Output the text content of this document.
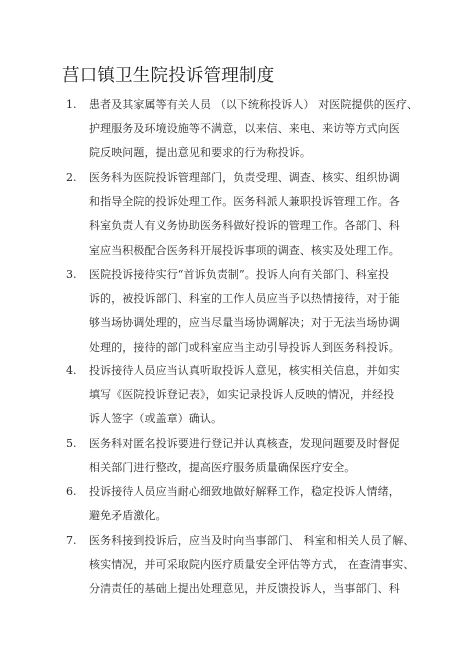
莒口镇卫生院投诉管理制度
1. 患者及其家属等有关人员 （以下统称投诉人） 对医院提供的医疗、
护理服务及环境设施等不满意，以来信、来电、来访等方式向医
院反映问题，提出意见和要求的行为称投诉。
2. 医务科为医院投诉管理部门，负责受理、调查、核实、组织协调
和指导全院的投诉处理工作。医务科派人兼职投诉管理工作。各
科室负责人有义务协助医务科做好投诉的管理工作。各部门、科
室应当积极配合医务科开展投诉事项的调查、核实及处理工作。
3. 医院投诉接待实行“首诉负责制”。投诉人向有关部门、科室投
诉的，被投诉部门、科室的工作人员应当予以热情接待，对于能
够当场协调处理的，应当尽量当场协调解决；对于无法当场协调
处理的，接待的部门或科室应当主动引导投诉人到医务科投诉。
4. 投诉接待人员应当认真听取投诉人意见，核实相关信息，并如实
填写《医院投诉登记表》，如实记录投诉人反映的情况，并经投
诉人签字（或盖章）确认。
5. 医务科对匿名投诉要进行登记并认真核查，发现问题要及时督促
相关部门进行整改，提高医疗服务质量确保医疗安全。
6. 投诉接待人员应当耐心细致地做好解释工作，稳定投诉人情绪，
避免矛盾激化。
7. 医务科接到投诉后，应当及时向当事部门、 科室和相关人员了解、
核实情况，并可采取院内医疗质量安全评估等方式， 在查清事实、
分清责任的基础上提出处理意见，并反馈投诉人，当事部门、科
